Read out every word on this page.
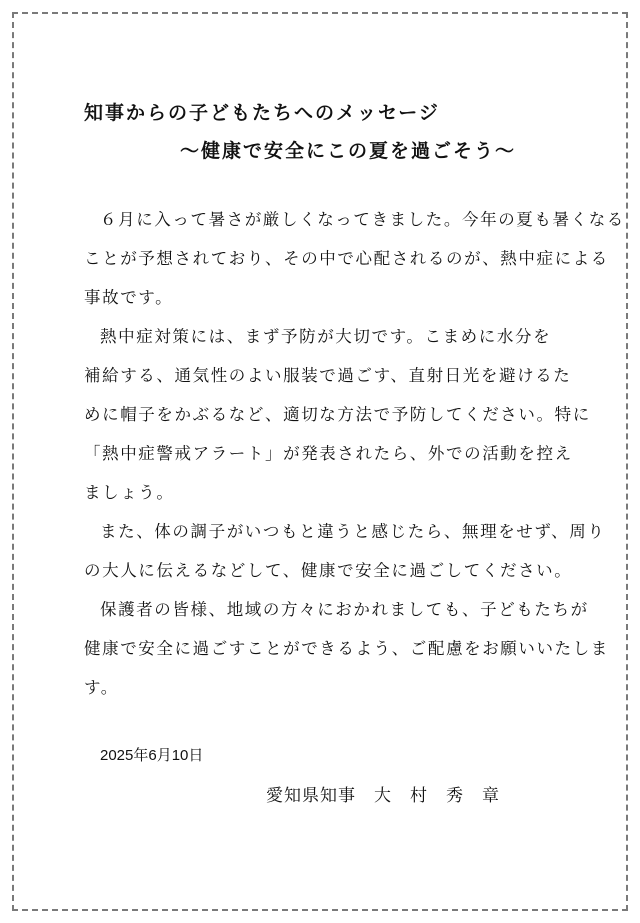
知事からの子どもたちへのメッセージ
～健康で安全にこの夏を過ごそう～
６月に入って暑さが厳しくなってきました。今年の夏も暑くなる
ことが予想されており、その中で心配されるのが、熱中症による
事故です。
熱中症対策には、まず予防が大切です。こまめに水分を
補給する、通気性のよい服装で過ごす、直射日光を避けるた
めに帽子をかぶるなど、適切な方法で予防してください。特に
「熱中症警戒アラート」が発表されたら、外での活動を控え
ましょう。
また、体の調子がいつもと違うと感じたら、無理をせず、周り
の大人に伝えるなどして、健康で安全に過ごしてください。
保護者の皆様、地域の方々におかれましても、子どもたちが
健康で安全に過ごすことができるよう、ご配慮をお願いいたしま
す。
2025年6月10日
愛知県知事　大　村　秀　章
